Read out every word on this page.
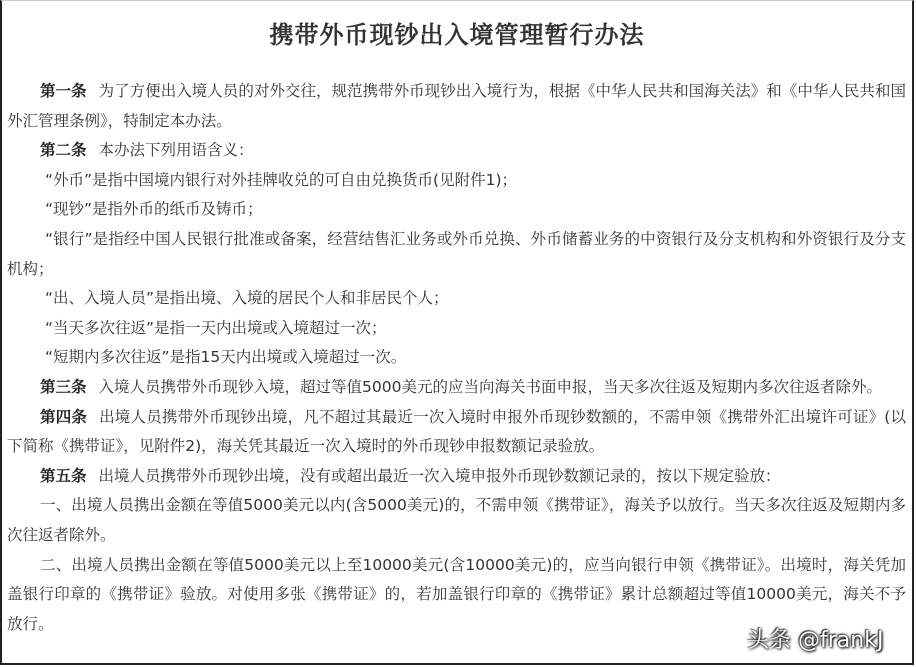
携带外币现钞出入境管理暂行办法

第一条 为了方便出入境人员的对外交往，规范携带外币现钞出入境行为，根据《中华人民共和国海关法》和《中华人民共和国外汇管理条例》，特制定本办法。

第二条 本办法下列用语含义：

“外币”是指中国境内银行对外挂牌收兑的可自由兑换货币(见附件1)；

“现钞”是指外币的纸币及铸币；

“银行”是指经中国人民银行批准或备案，经营结售汇业务或外币兑换、外币储蓄业务的中资银行及分支机构和外资银行及分支机构；

“出、入境人员”是指出境、入境的居民个人和非居民个人；

“当天多次往返”是指一天内出境或入境超过一次；

“短期内多次往返”是指15天内出境或入境超过一次。

第三条 入境人员携带外币现钞入境，超过等值5000美元的应当向海关书面申报，当天多次往返及短期内多次往返者除外。

第四条 出境人员携带外币现钞出境，凡不超过其最近一次入境时申报外币现钞数额的，不需申领《携带外汇出境许可证》(以下简称《携带证》，见附件2)，海关凭其最近一次入境时的外币现钞申报数额记录验放。

第五条 出境人员携带外币现钞出境，没有或超出最近一次入境申报外币现钞数额记录的，按以下规定验放：

一、出境人员携出金额在等值5000美元以内(含5000美元)的，不需申领《携带证》，海关予以放行。当天多次往返及短期内多次往返者除外。

二、出境人员携出金额在等值5000美元以上至10000美元(含10000美元)的，应当向银行申领《携带证》。出境时，海关凭加盖银行印章的《携带证》验放。对使用多张《携带证》的，若加盖银行印章的《携带证》累计总额超过等值10000美元，海关不予放行。

头条 @frankJ
